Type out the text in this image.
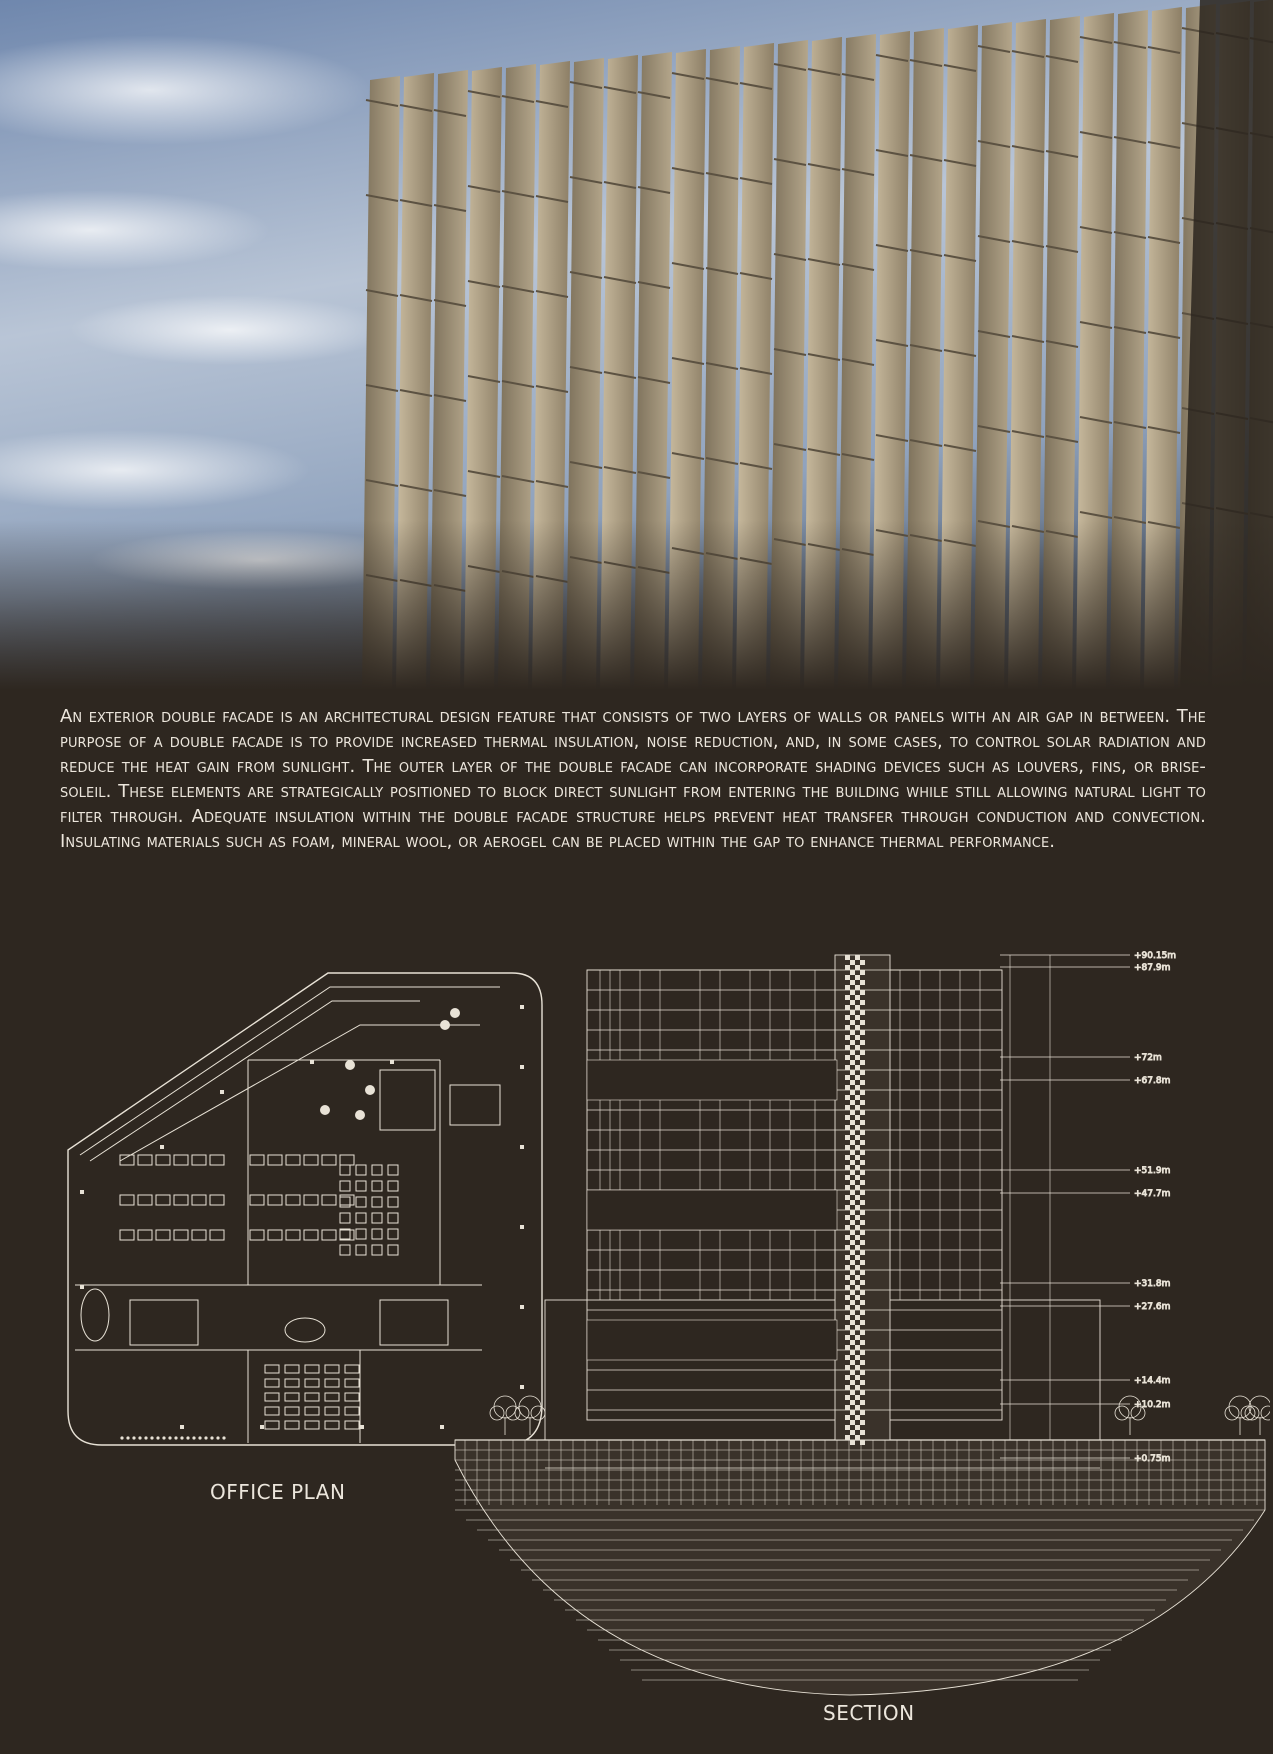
An exterior double facade is an architectural design feature that consists of two layers of walls or panels with an air gap in between. The purpose of a double facade is to provide increased thermal insulation, noise reduction, and, in some cases, to control solar radiation and reduce the heat gain from sunlight. The outer layer of the double facade can incorporate shading devices such as louvers, fins, or brise-soleil. These elements are strategically positioned to block direct sunlight from entering the building while still allowing natural light to filter through. Adequate insulation within the double facade structure helps prevent heat transfer through conduction and convection. Insulating materials such as foam, mineral wool, or aerogel can be placed within the gap to enhance thermal performance.

OFFICE PLAN
+90.15m
+87.9m
+72m
+67.8m
+51.9m
+47.7m
+31.8m
+27.6m
+14.4m
+10.2m
+0.75m
SECTION
